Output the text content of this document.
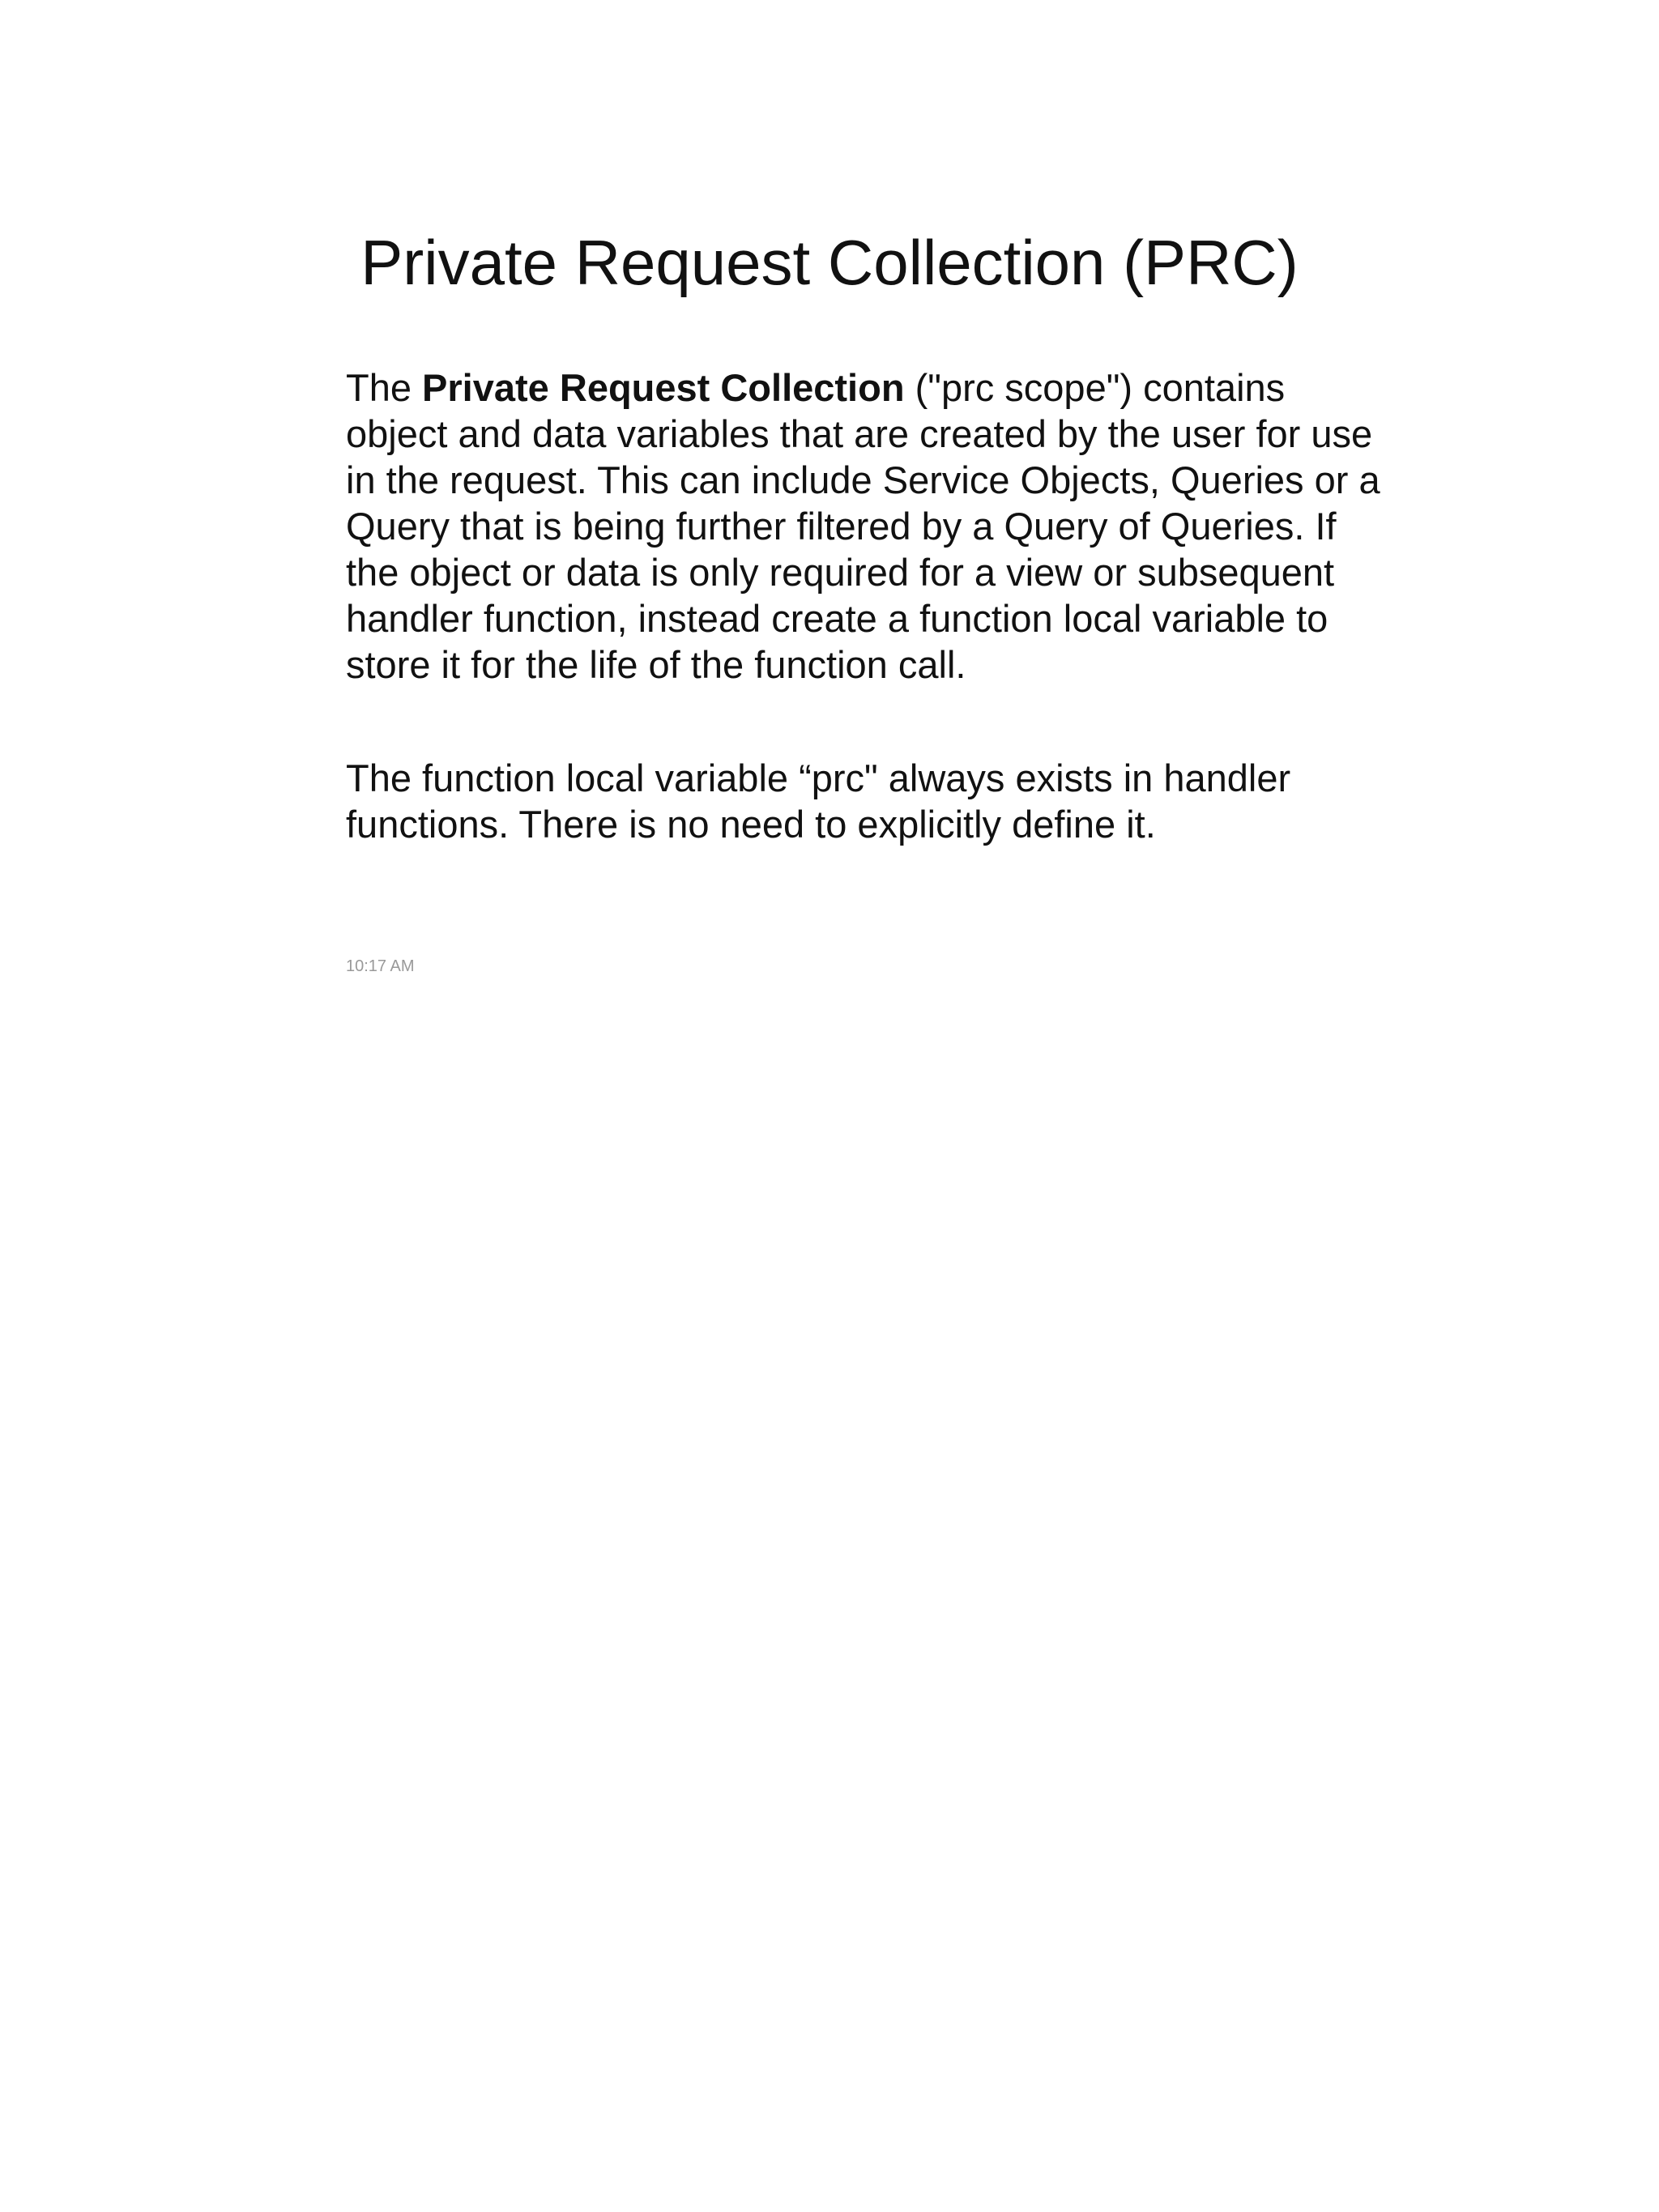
Private Request Collection (PRC)

The Private Request Collection ("prc scope") contains object and data variables that are created by the user for use in the request. This can include Service Objects, Queries or a Query that is being further filtered by a Query of Queries. If the object or data is only required for a view or subsequent handler function, instead create a function local variable to store it for the life of the function call.

The function local variable “prc" always exists in handler functions. There is no need to explicitly define it.

10:17 AM
